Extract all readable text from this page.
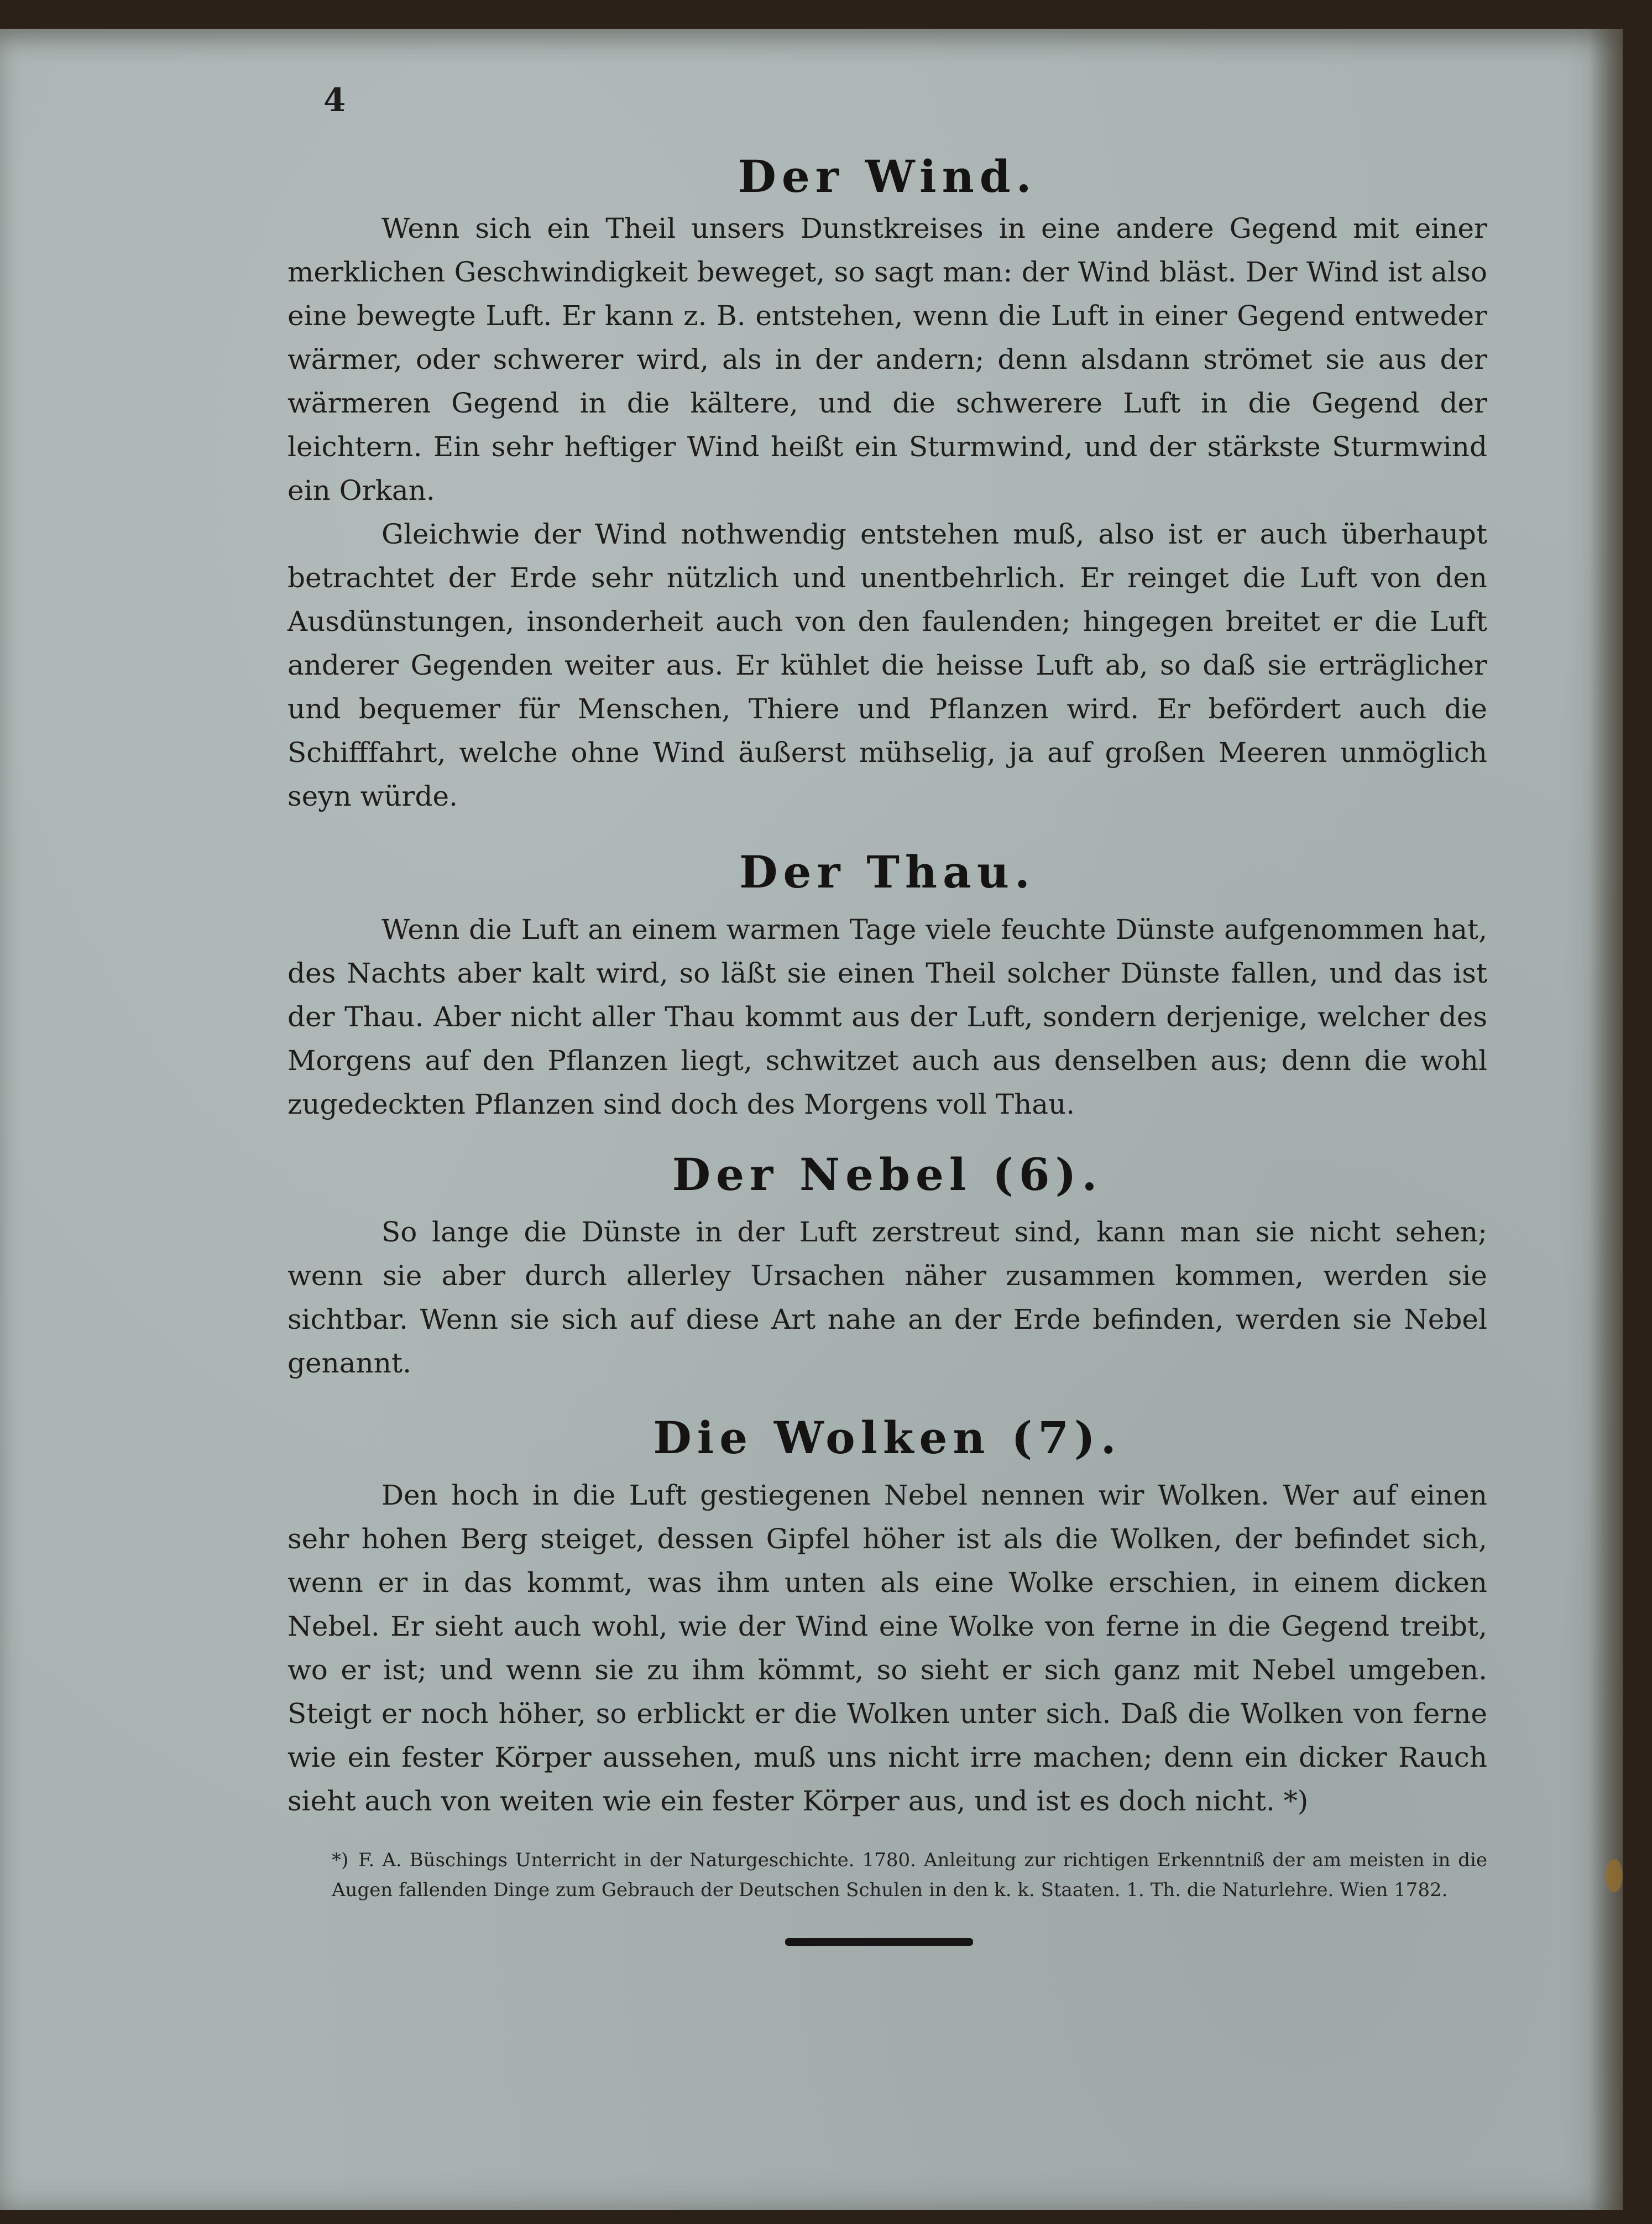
4
Der Wind.

Wenn sich ein Theil unsers Dunstkreises in eine andere Gegend mit einer merklichen Geschwindigkeit beweget, so sagt man: der Wind bläst. Der Wind ist also eine bewegte Luft. Er kann z. B. entstehen, wenn die Luft in einer Gegend entweder wärmer, oder schwerer wird, als in der andern; denn alsdann strömet sie aus der wärmeren Gegend in die kältere, und die schwerere Luft in die Gegend der leichtern. Ein sehr heftiger Wind heißt ein Sturmwind, und der stärkste Sturmwind ein Orkan.

Gleichwie der Wind nothwendig entstehen muß, also ist er auch überhaupt betrachtet der Erde sehr nützlich und unentbehrlich. Er reinget die Luft von den Ausdünstungen, insonderheit auch von den faulenden; hingegen breitet er die Luft anderer Gegenden weiter aus. Er kühlet die heisse Luft ab, so daß sie erträglicher und bequemer für Menschen, Thiere und Pflanzen wird. Er befördert auch die Schifffahrt, welche ohne Wind äußerst mühselig, ja auf großen Meeren unmöglich seyn würde.

Der Thau.

Wenn die Luft an einem warmen Tage viele feuchte Dünste aufgenommen hat, des Nachts aber kalt wird, so läßt sie einen Theil solcher Dünste fallen, und das ist der Thau. Aber nicht aller Thau kommt aus der Luft, sondern derjenige, welcher des Morgens auf den Pflanzen liegt, schwitzet auch aus denselben aus; denn die wohl zugedeckten Pflanzen sind doch des Morgens voll Thau.

Der Nebel (6).

So lange die Dünste in der Luft zerstreut sind, kann man sie nicht sehen; wenn sie aber durch allerley Ursachen näher zusammen kommen, werden sie sichtbar. Wenn sie sich auf diese Art nahe an der Erde befinden, werden sie Nebel genannt.

Die Wolken (7).

Den hoch in die Luft gestiegenen Nebel nennen wir Wolken. Wer auf einen sehr hohen Berg steiget, dessen Gipfel höher ist als die Wolken, der befindet sich, wenn er in das kommt, was ihm unten als eine Wolke erschien, in einem dicken Nebel. Er sieht auch wohl, wie der Wind eine Wolke von ferne in die Gegend treibt, wo er ist; und wenn sie zu ihm kömmt, so sieht er sich ganz mit Nebel umgeben. Steigt er noch höher, so erblickt er die Wolken unter sich. Daß die Wolken von ferne wie ein fester Körper aussehen, muß uns nicht irre machen; denn ein dicker Rauch sieht auch von weiten wie ein fester Körper aus, und ist es doch nicht. *)

*) F. A. Büschings Unterricht in der Naturgeschichte. 1780. Anleitung zur richtigen Erkenntniß der am meisten in die Augen fallenden Dinge zum Gebrauch der Deutschen Schulen in den k. k. Staaten. 1. Th. die Naturlehre. Wien 1782.
